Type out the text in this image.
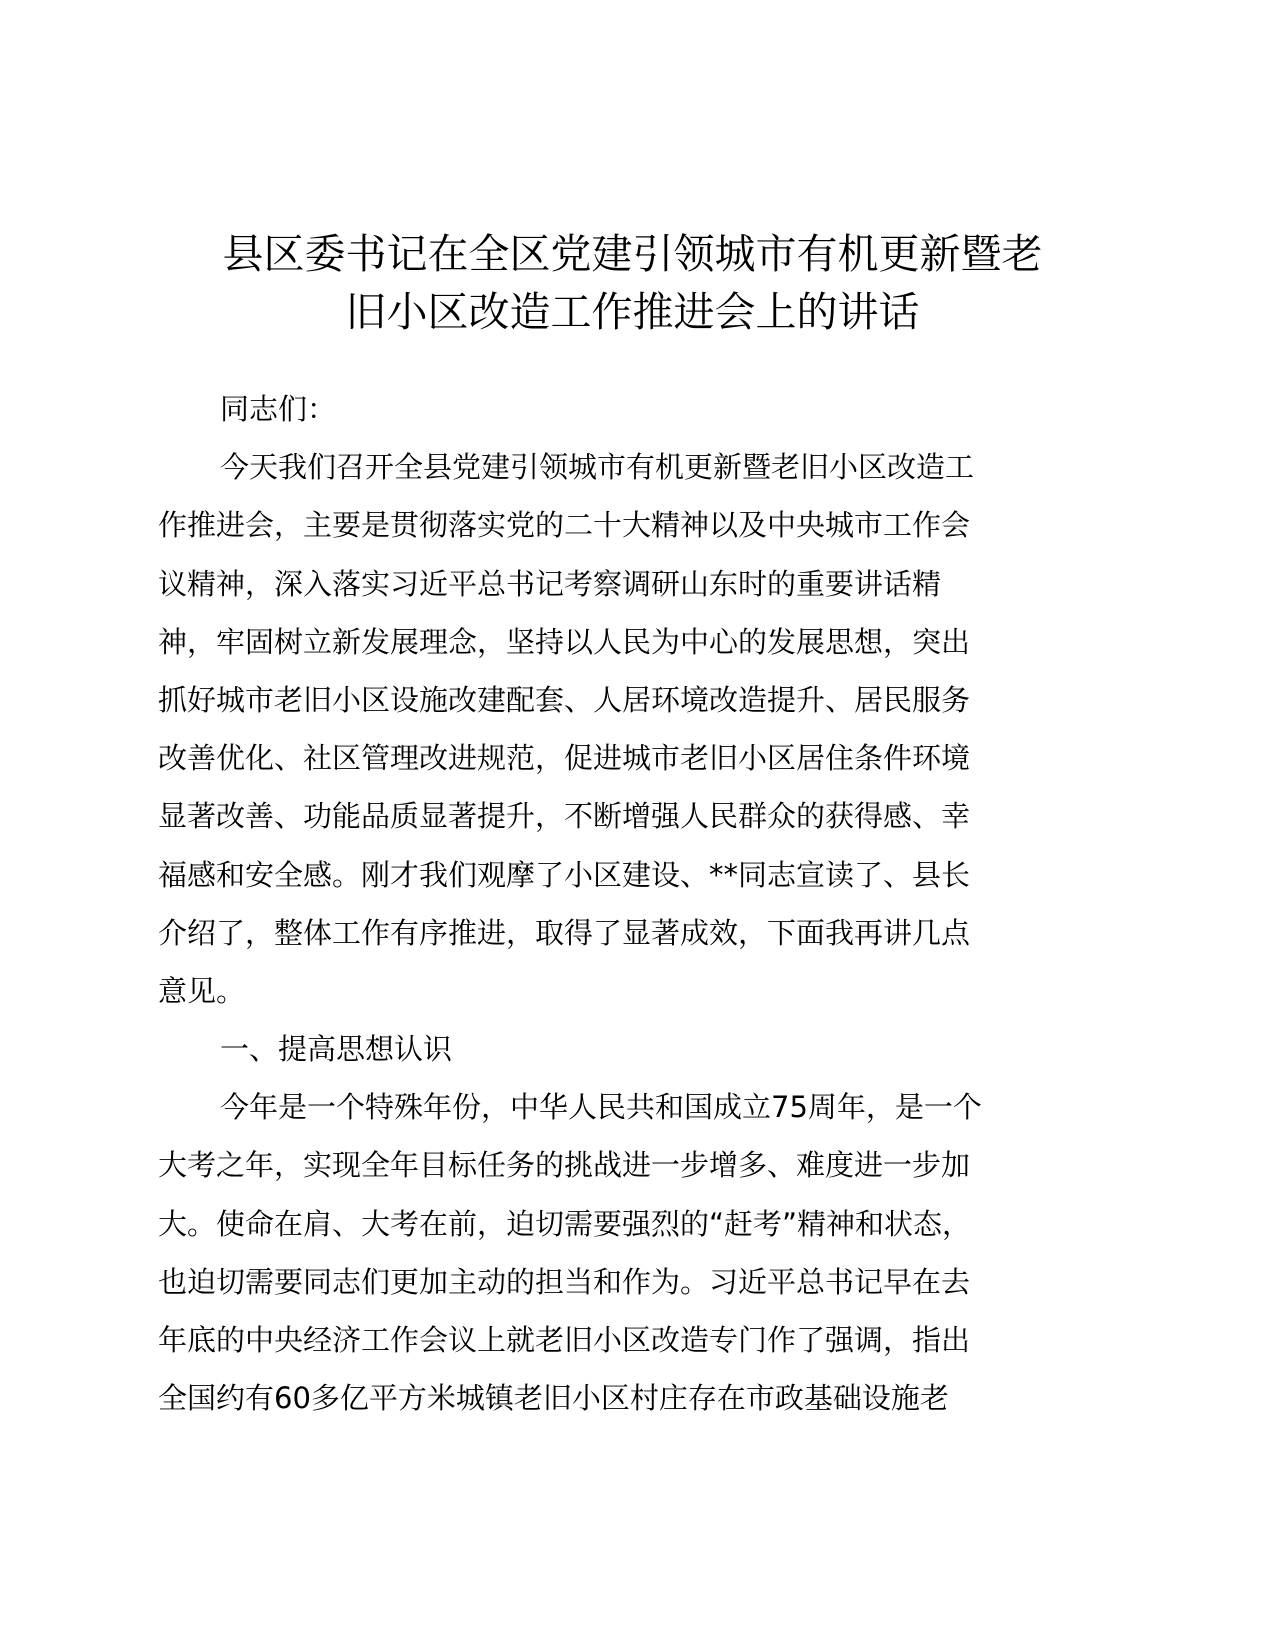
县区委书记在全区党建引领城市有机更新暨老
旧小区改造工作推进会上的讲话
同志们：
今天我们召开全县党建引领城市有机更新暨老旧小区改造工
作推进会，主要是贯彻落实党的二十大精神以及中央城市工作会
议精神，深入落实习近平总书记考察调研山东时的重要讲话精
神，牢固树立新发展理念，坚持以人民为中心的发展思想，突出
抓好城市老旧小区设施改建配套、人居环境改造提升、居民服务
改善优化、社区管理改进规范，促进城市老旧小区居住条件环境
显著改善、功能品质显著提升，不断增强人民群众的获得感、幸
福感和安全感。刚才我们观摩了小区建设、**同志宣读了、县长
介绍了，整体工作有序推进，取得了显著成效，下面我再讲几点
意见。
一、提高思想认识
今年是一个特殊年份，中华人民共和国成立75周年，是一个
大考之年，实现全年目标任务的挑战进一步增多、难度进一步加
大。使命在肩、大考在前，迫切需要强烈的“赶考”精神和状态，
也迫切需要同志们更加主动的担当和作为。习近平总书记早在去
年底的中央经济工作会议上就老旧小区改造专门作了强调，指出
全国约有60多亿平方米城镇老旧小区村庄存在市政基础设施老
